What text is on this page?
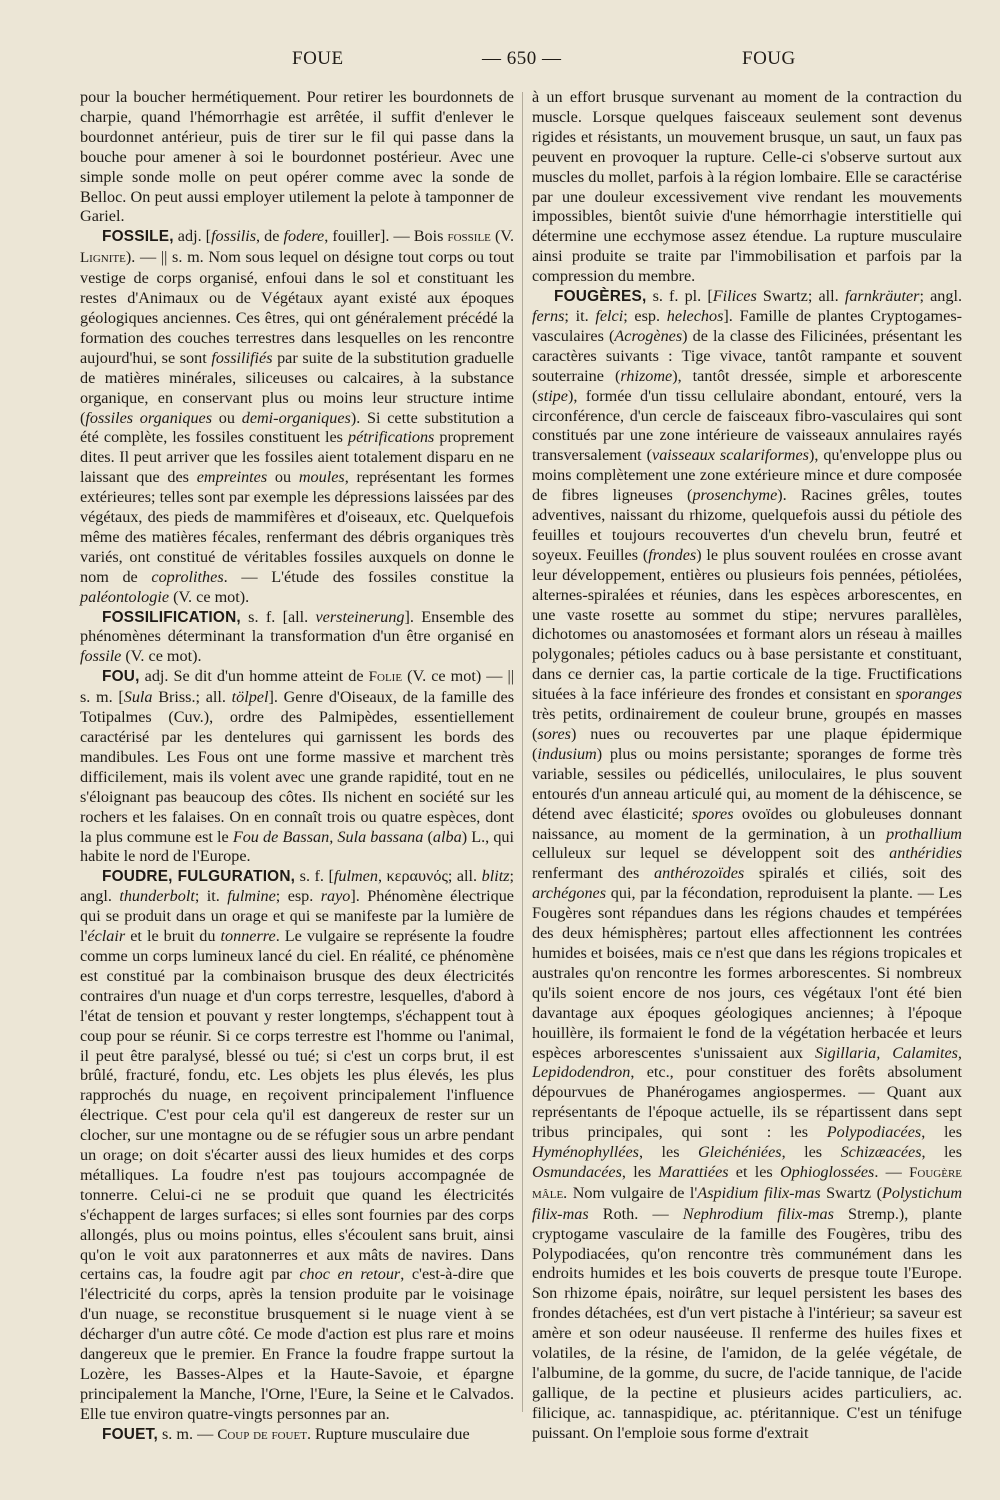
FOUE	— 650 —	FOUG

pour la boucher hermétiquement. Pour retirer les bourdonnets de charpie, quand l'hémorrhagie est arrêtée, il suffit d'enlever le bourdonnet antérieur, puis de tirer sur le fil qui passe dans la bouche pour amener à soi le bourdonnet postérieur. Avec une simple sonde molle on peut opérer comme avec la sonde de Belloc. On peut aussi employer utilement la pelote à tamponner de Gariel.

FOSSILE, adj. [fossilis, de fodere, fouiller]. — Bois fossile (V. Lignite). — || s. m. Nom sous lequel on désigne tout corps ou tout vestige de corps organisé, enfoui dans le sol et constituant les restes d'Animaux ou de Végétaux ayant existé aux époques géologiques anciennes. Ces êtres, qui ont généralement précédé la formation des couches terrestres dans lesquelles on les rencontre aujourd'hui, se sont fossilifiés par suite de la substitution graduelle de matières minérales, siliceuses ou calcaires, à la substance organique, en conservant plus ou moins leur structure intime (fossiles organiques ou demi-organiques). Si cette substitution a été complète, les fossiles constituent les pétrifications proprement dites. Il peut arriver que les fossiles aient totalement disparu en ne laissant que des empreintes ou moules, représentant les formes extérieures; telles sont par exemple les dépressions laissées par des végétaux, des pieds de mammifères et d'oiseaux, etc. Quelquefois même des matières fécales, renfermant des débris organiques très variés, ont constitué de véritables fossiles auxquels on donne le nom de coprolithes. — L'étude des fossiles constitue la paléontologie (V. ce mot).

FOSSILIFICATION, s. f. [all. versteinerung]. Ensemble des phénomènes déterminant la transformation d'un être organisé en fossile (V. ce mot).

FOU, adj. Se dit d'un homme atteint de Folie (V. ce mot) — || s. m. [Sula Briss.; all. tölpel]. Genre d'Oiseaux, de la famille des Totipalmes (Cuv.), ordre des Palmipèdes, essentiellement caractérisé par les dentelures qui garnissent les bords des mandibules. Les Fous ont une forme massive et marchent très difficilement, mais ils volent avec une grande rapidité, tout en ne s'éloignant pas beaucoup des côtes. Ils nichent en société sur les rochers et les falaises. On en connaît trois ou quatre espèces, dont la plus commune est le Fou de Bassan, Sula bassana (alba) L., qui habite le nord de l'Europe.

FOUDRE, FULGURATION, s. f. [fulmen, κεραυνός; all. blitz; angl. thunderbolt; it. fulmine; esp. rayo]. Phénomène électrique qui se produit dans un orage et qui se manifeste par la lumière de l'éclair et le bruit du tonnerre. Le vulgaire se représente la foudre comme un corps lumineux lancé du ciel. En réalité, ce phénomène est constitué par la combinaison brusque des deux électricités contraires d'un nuage et d'un corps terrestre, lesquelles, d'abord à l'état de tension et pouvant y rester longtemps, s'échappent tout à coup pour se réunir. Si ce corps terrestre est l'homme ou l'animal, il peut être paralysé, blessé ou tué; si c'est un corps brut, il est brûlé, fracturé, fondu, etc. Les objets les plus élevés, les plus rapprochés du nuage, en reçoivent principalement l'influence électrique. C'est pour cela qu'il est dangereux de rester sur un clocher, sur une montagne ou de se réfugier sous un arbre pendant un orage; on doit s'écarter aussi des lieux humides et des corps métalliques. La foudre n'est pas toujours accompagnée de tonnerre. Celui-ci ne se produit que quand les électricités s'échappent de larges surfaces; si elles sont fournies par des corps allongés, plus ou moins pointus, elles s'écoulent sans bruit, ainsi qu'on le voit aux paratonnerres et aux mâts de navires. Dans certains cas, la foudre agit par choc en retour, c'est-à-dire que l'électricité du corps, après la tension produite par le voisinage d'un nuage, se reconstitue brusquement si le nuage vient à se décharger d'un autre côté. Ce mode d'action est plus rare et moins dangereux que le premier. En France la foudre frappe surtout la Lozère, les Basses-Alpes et la Haute-Savoie, et épargne principalement la Manche, l'Orne, l'Eure, la Seine et le Calvados. Elle tue environ quatre-vingts personnes par an.

FOUET, s. m. — Coup de fouet. Rupture musculaire due

à un effort brusque survenant au moment de la contraction du muscle. Lorsque quelques faisceaux seulement sont devenus rigides et résistants, un mouvement brusque, un saut, un faux pas peuvent en provoquer la rupture. Celle-ci s'observe surtout aux muscles du mollet, parfois à la région lombaire. Elle se caractérise par une douleur excessivement vive rendant les mouvements impossibles, bientôt suivie d'une hémorrhagie interstitielle qui détermine une ecchymose assez étendue. La rupture musculaire ainsi produite se traite par l'immobilisation et parfois par la compression du membre.

FOUGÈRES, s. f. pl. [Filices Swartz; all. farnkräuter; angl. ferns; it. felci; esp. helechos]. Famille de plantes Cryptogames-vasculaires (Acrogènes) de la classe des Filicinées, présentant les caractères suivants : Tige vivace, tantôt rampante et souvent souterraine (rhizome), tantôt dressée, simple et arborescente (stipe), formée d'un tissu cellulaire abondant, entouré, vers la circonférence, d'un cercle de faisceaux fibro-vasculaires qui sont constitués par une zone intérieure de vaisseaux annulaires rayés transversalement (vaisseaux scalariformes), qu'enveloppe plus ou moins complètement une zone extérieure mince et dure composée de fibres ligneuses (prosenchyme). Racines grêles, toutes adventives, naissant du rhizome, quelquefois aussi du pétiole des feuilles et toujours recouvertes d'un chevelu brun, feutré et soyeux. Feuilles (frondes) le plus souvent roulées en crosse avant leur développement, entières ou plusieurs fois pennées, pétiolées, alternes-spiralées et réunies, dans les espèces arborescentes, en une vaste rosette au sommet du stipe; nervures parallèles, dichotomes ou anastomosées et formant alors un réseau à mailles polygonales; pétioles caducs ou à base persistante et constituant, dans ce dernier cas, la partie corticale de la tige. Fructifications situées à la face inférieure des frondes et consistant en sporanges très petits, ordinairement de couleur brune, groupés en masses (sores) nues ou recouvertes par une plaque épidermique (indusium) plus ou moins persistante; sporanges de forme très variable, sessiles ou pédicellés, uniloculaires, le plus souvent entourés d'un anneau articulé qui, au moment de la déhiscence, se détend avec élasticité; spores ovoïdes ou globuleuses donnant naissance, au moment de la germination, à un prothallium celluleux sur lequel se développent soit des anthéridies renfermant des anthérozoïdes spiralés et ciliés, soit des archégones qui, par la fécondation, reproduisent la plante. — Les Fougères sont répandues dans les régions chaudes et tempérées des deux hémisphères; partout elles affectionnent les contrées humides et boisées, mais ce n'est que dans les régions tropicales et australes qu'on rencontre les formes arborescentes. Si nombreux qu'ils soient encore de nos jours, ces végétaux l'ont été bien davantage aux époques géologiques anciennes; à l'époque houillère, ils formaient le fond de la végétation herbacée et leurs espèces arborescentes s'unissaient aux Sigillaria, Calamites, Lepidodendron, etc., pour constituer des forêts absolument dépourvues de Phanérogames angiospermes. — Quant aux représentants de l'époque actuelle, ils se répartissent dans sept tribus principales, qui sont : les Polypodiacées, les Hyménophyllées, les Gleichéniées, les Schizæacées, les Osmundacées, les Marattiées et les Ophioglossées. — Fougère mâle. Nom vulgaire de l'Aspidium filix-mas Swartz (Polystichum filix-mas Roth. — Nephrodium filix-mas Stremp.), plante cryptogame vasculaire de la famille des Fougères, tribu des Polypodiacées, qu'on rencontre très communément dans les endroits humides et les bois couverts de presque toute l'Europe. Son rhizome épais, noirâtre, sur lequel persistent les bases des frondes détachées, est d'un vert pistache à l'intérieur; sa saveur est amère et son odeur nauséeuse. Il renferme des huiles fixes et volatiles, de la résine, de l'amidon, de la gelée végétale, de l'albumine, de la gomme, du sucre, de l'acide tannique, de l'acide gallique, de la pectine et plusieurs acides particuliers, ac. filicique, ac. tannaspidique, ac. ptéritannique. C'est un ténifuge puissant. On l'emploie sous forme d'extrait
